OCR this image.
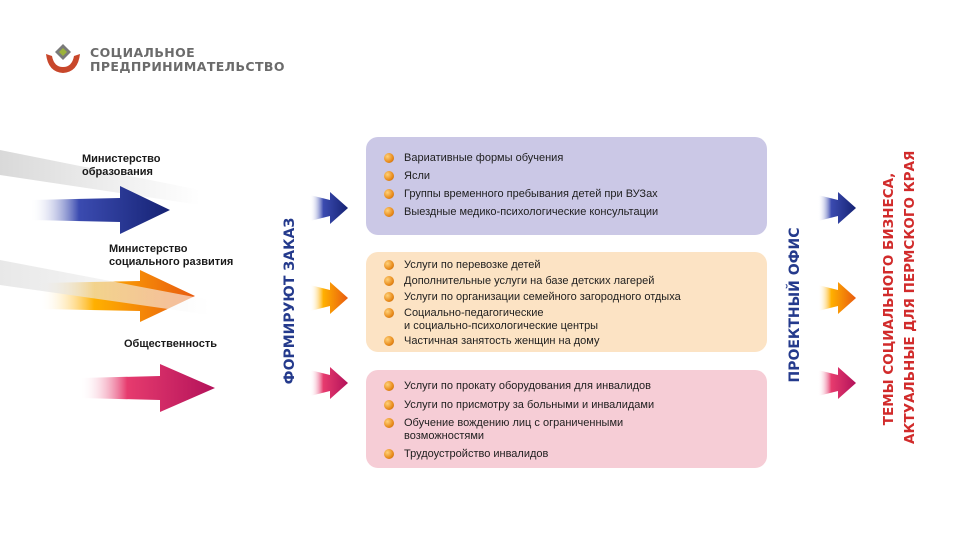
СОЦИАЛЬНОЕ
ПРЕДПРИНИМАТЕЛЬСТВО
Министерство
образования
Министерство
социального развития
Общественность	ФОРМИРУЮТ ЗАКАЗ
Вариативные формы обучения
Ясли
Группы временного пребывания детей при ВУЗах
Выездные медико-психологические консультации
Услуги по перевозке детей
Дополнительные услуги на базе детских лагерей
Услуги по организации семейного загородного отдыха
Социально-педагогические
и социально-психологические центры
Частичная занятость женщин на дому
Услуги по прокату оборудования для инвалидов
Услуги по присмотру за больными и инвалидами
Обучение вождению лиц с ограниченными
возможностями
Трудоустройство инвалидов
ПРОЕКТНЫЙ ОФИС	ТЕМЫ СОЦИАЛЬНОГО БИЗНЕСА, АКТУАЛЬНЫЕ ДЛЯ ПЕРМСКОГО КРАЯ
